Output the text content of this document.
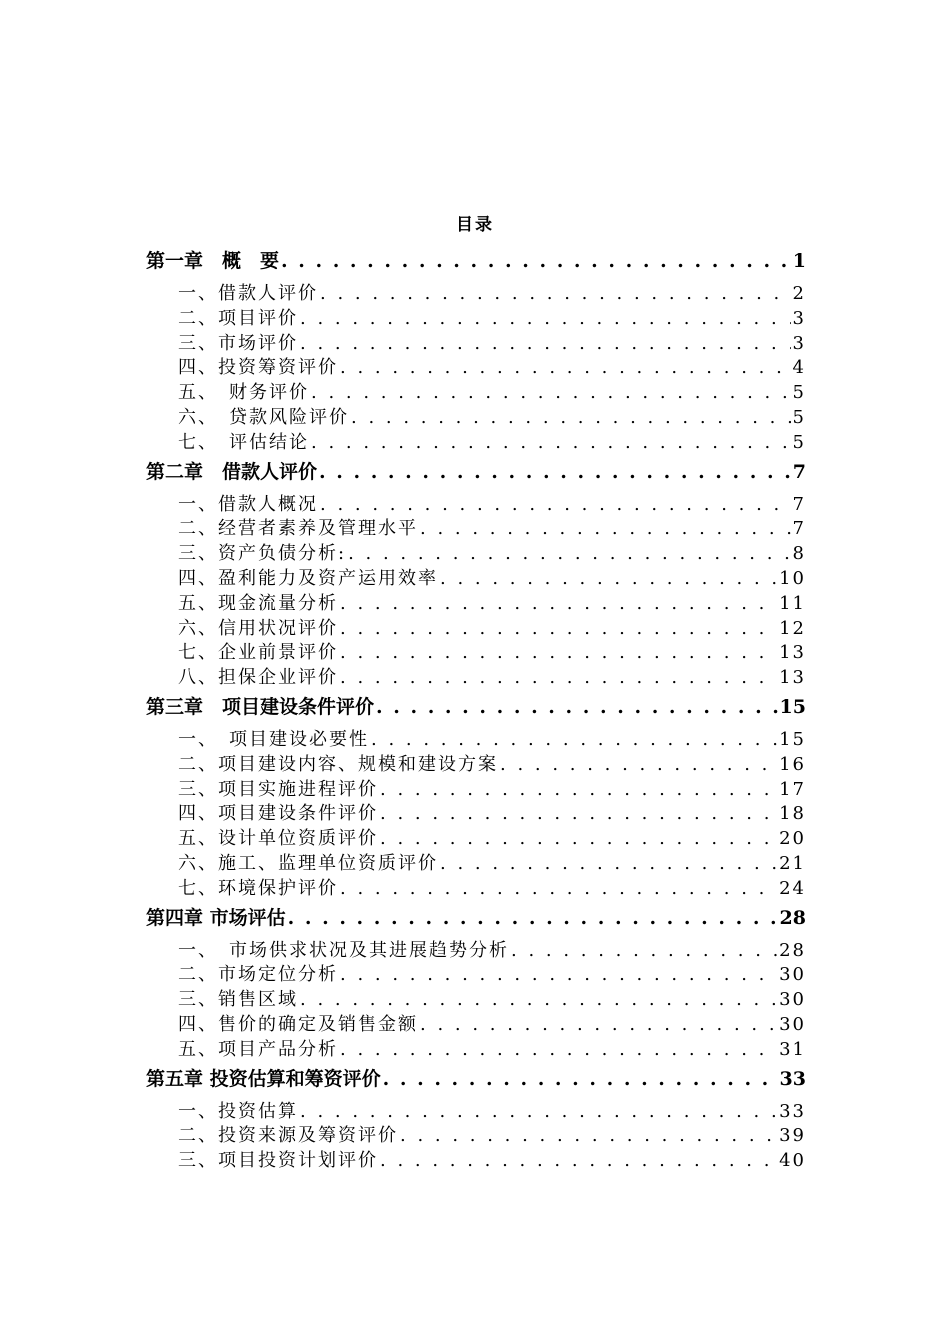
目录
第一章　概　要 . . .	1
一、借款人评价 . . .	2
二、项目评价 . . .	3
三、市场评价 . . .	3
四、投资筹资评价 . . .	4
五、　财务评价 . . .	5
六、　贷款风险评价 . . .	5
七、　评估结论 . . .	5
第二章　借款人评价 . . .	7
一、借款人概况 . . .	7
二、经营者素养及管理水平 . . .	7
三、资产负债分析: . . .	8
四、盈利能力及资产运用效率 . . .	10
五、现金流量分析 . . .	11
六、信用状况评价 . . .	12
七、企业前景评价 . . .	13
八、担保企业评价 . . .	13
第三章　项目建设条件评价 . . .	15
一、　项目建设必要性 . . .	15
二、项目建设内容、规模和建设方案 . . .	16
三、项目实施进程评价 . . .	17
四、项目建设条件评价 . . .	18
五、设计单位资质评价 . . .	20
六、施工、监理单位资质评价 . . .	21
七、环境保护评价 . . .	24
第四章 市场评估 . . .	28
一、　市场供求状况及其进展趋势分析 . . .	28
二、市场定位分析 . . .	30
三、销售区域 . . .	30
四、售价的确定及销售金额 . . .	30
五、项目产品分析 . . .	31
第五章 投资估算和筹资评价 . . .	33
一、投资估算 . . .	33
二、投资来源及筹资评价 . . .	39
三、项目投资计划评价 . . .	40
